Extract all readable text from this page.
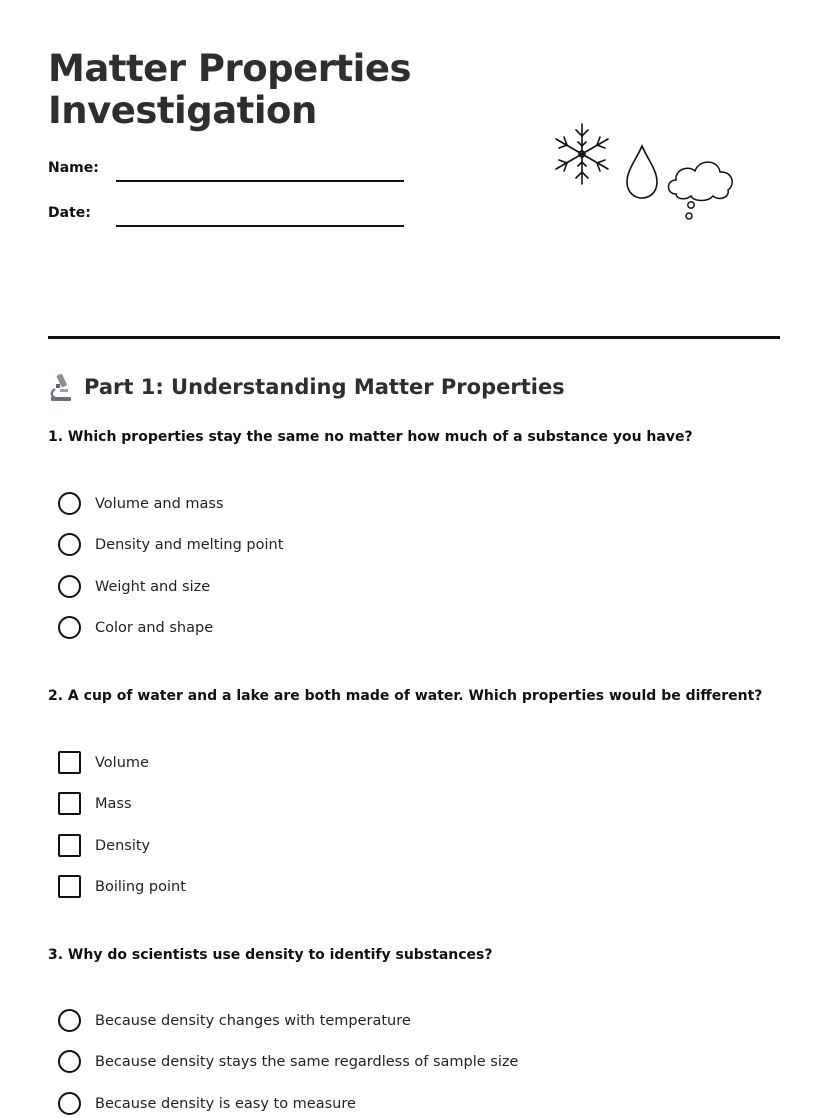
Matter Properties
Investigation
Name:
Date:
Part 1: Understanding Matter Properties

1. Which properties stay the same no matter how much of a substance you have?

Volume and mass
Density and melting point
Weight and size
Color and shape

2. A cup of water and a lake are both made of water. Which properties would be different?

Volume
Mass
Density
Boiling point

3. Why do scientists use density to identify substances?

Because density changes with temperature
Because density stays the same regardless of sample size
Because density is easy to measure
